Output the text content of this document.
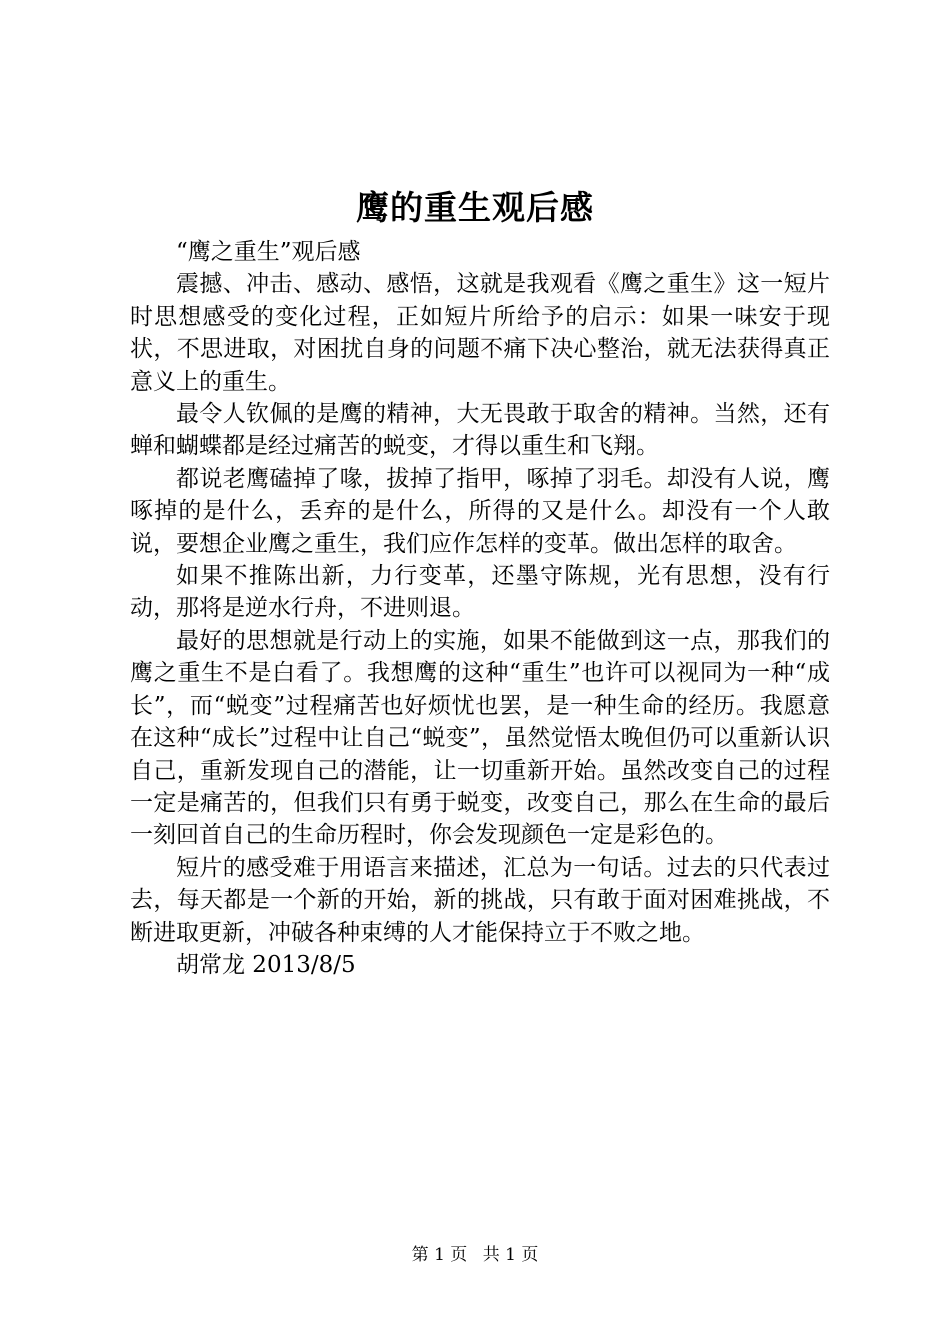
鹰的重生观后感

“鹰之重生”观后感

震撼、冲击、感动、感悟，这就是我观看《鹰之重生》这一短片时思想感受的变化过程，正如短片所给予的启示：如果一味安于现状，不思进取，对困扰自身的问题不痛下决心整治，就无法获得真正意义上的重生。

最令人钦佩的是鹰的精神，大无畏敢于取舍的精神。当然，还有蝉和蝴蝶都是经过痛苦的蜕变，才得以重生和飞翔。

都说老鹰磕掉了喙，拔掉了指甲，啄掉了羽毛。却没有人说，鹰啄掉的是什么，丢弃的是什么，所得的又是什么。却没有一个人敢说，要想企业鹰之重生，我们应作怎样的变革。做出怎样的取舍。

如果不推陈出新，力行变革，还墨守陈规，光有思想，没有行动，那将是逆水行舟，不进则退。

最好的思想就是行动上的实施，如果不能做到这一点，那我们的鹰之重生不是白看了。我想鹰的这种“重生”也许可以视同为一种“成长”，而“蜕变”过程痛苦也好烦忧也罢，是一种生命的经历。我愿意在这种“成长”过程中让自己“蜕变”，虽然觉悟太晚但仍可以重新认识自己，重新发现自己的潜能，让一切重新开始。虽然改变自己的过程一定是痛苦的，但我们只有勇于蜕变，改变自己，那么在生命的最后一刻回首自己的生命历程时，你会发现颜色一定是彩色的。

短片的感受难于用语言来描述，汇总为一句话。过去的只代表过去，每天都是一个新的开始，新的挑战，只有敢于面对困难挑战，不断进取更新，冲破各种束缚的人才能保持立于不败之地。

胡常龙 2013/8/5

第 1 页 共 1 页
